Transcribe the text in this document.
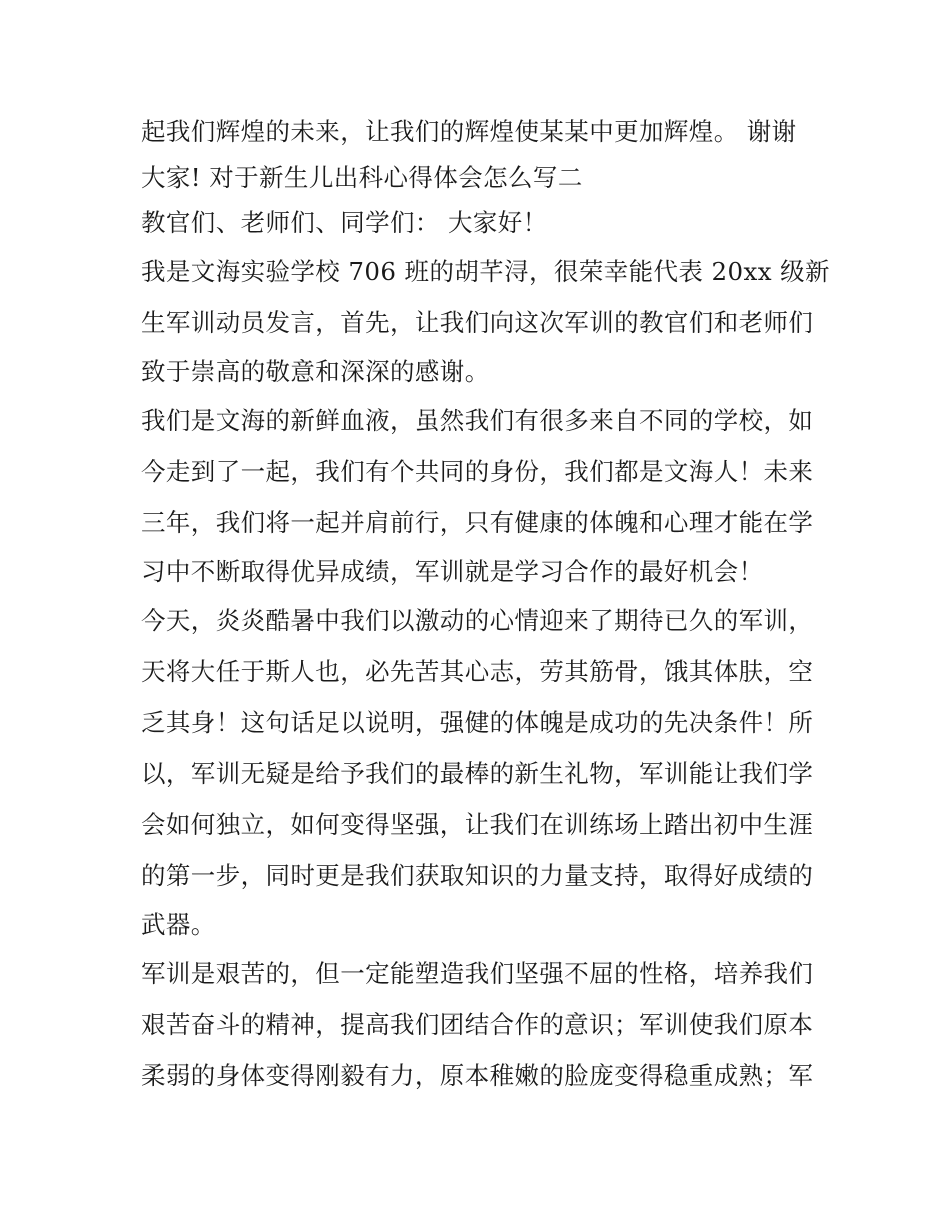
起我们辉煌的未来，让我们的辉煌使某某中更加辉煌。 谢谢
大家! 对于新生儿出科心得体会怎么写二
教官们、老师们、同学们： 大家好！
我是文海实验学校 706 班的胡芊浔，很荣幸能代表 20xx 级新
生军训动员发言，首先，让我们向这次军训的教官们和老师们
致于崇高的敬意和深深的感谢。
我们是文海的新鲜血液，虽然我们有很多来自不同的学校，如
今走到了一起，我们有个共同的身份，我们都是文海人！未来
三年，我们将一起并肩前行，只有健康的体魄和心理才能在学
习中不断取得优异成绩，军训就是学习合作的最好机会！
今天，炎炎酷暑中我们以激动的心情迎来了期待已久的军训，
天将大任于斯人也，必先苦其心志，劳其筋骨，饿其体肤，空
乏其身！这句话足以说明，强健的体魄是成功的先决条件！所
以，军训无疑是给予我们的最棒的新生礼物，军训能让我们学
会如何独立，如何变得坚强，让我们在训练场上踏出初中生涯
的第一步，同时更是我们获取知识的力量支持，取得好成绩的
武器。
军训是艰苦的，但一定能塑造我们坚强不屈的性格，培养我们
艰苦奋斗的精神，提高我们团结合作的意识；军训使我们原本
柔弱的身体变得刚毅有力，原本稚嫩的脸庞变得稳重成熟；军
